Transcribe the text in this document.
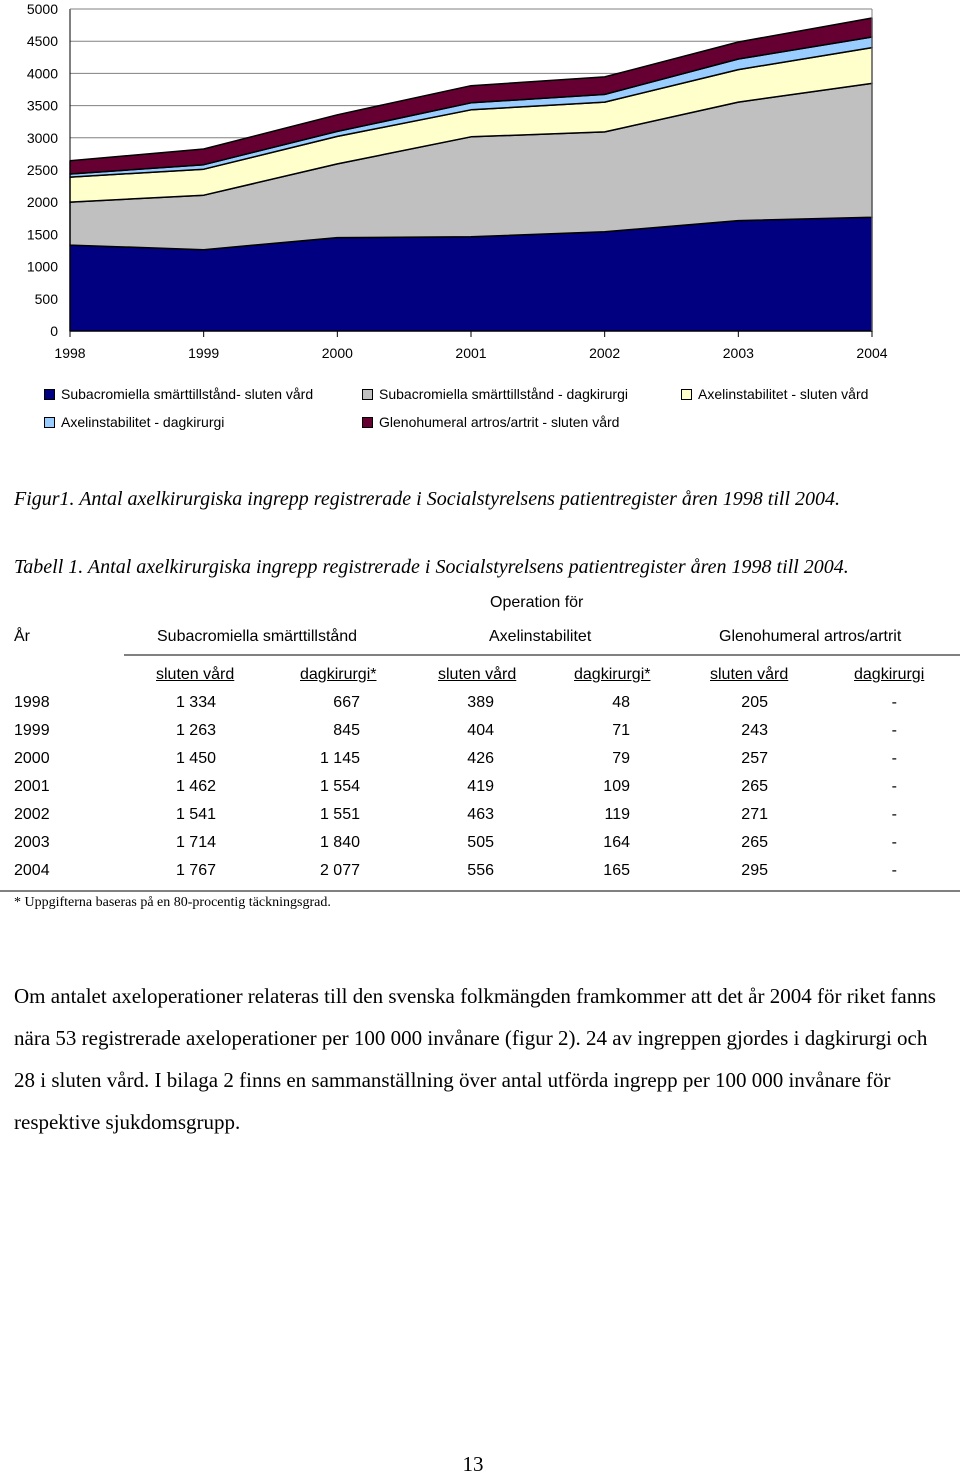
0
500
1000
1500
2000
2500
3000
3500
4000
4500
5000
1998	1999	2000	2001	2002	2003	2004
Subacromiella smärttillstånd- sluten vård	Subacromiella smärttillstånd - dagkirurgi	Axelinstabilitet - sluten vård
Axelinstabilitet - dagkirurgi	Glenohumeral artros/artrit - sluten vård
Figur1. Antal axelkirurgiska ingrepp registrerade i Socialstyrelsens patientregister åren 1998 till 2004.
Tabell 1. Antal axelkirurgiska ingrepp registrerade i Socialstyrelsens patientregister åren 1998 till 2004.
Operation för
År	Subacromiella smärttillstånd	Axelinstabilitet	Glenohumeral artros/artrit
sluten vård	dagkirurgi*	sluten vård	dagkirurgi*	sluten vård	dagkirurgi
1998	1 334	667	389	48	205	-
1999	1 263	845	404	71	243	-
2000	1 450	1 145	426	79	257	-
2001	1 462	1 554	419	109	265	-
2002	1 541	1 551	463	119	271	-
2003	1 714	1 840	505	164	265	-
2004	1 767	2 077	556	165	295	-
* Uppgifterna baseras på en 80-procentig täckningsgrad.
Om antalet axeloperationer relateras till den svenska folkmängden framkommer att det år 2004 för riket fanns nära 53 registrerade axeloperationer per 100 000 invånare (figur 2). 24 av ingreppen gjordes i dagkirurgi och 28 i sluten vård. I bilaga 2 finns en sammanställning över antal utförda ingrepp per 100 000 invånare för respektive sjukdomsgrupp.
13
